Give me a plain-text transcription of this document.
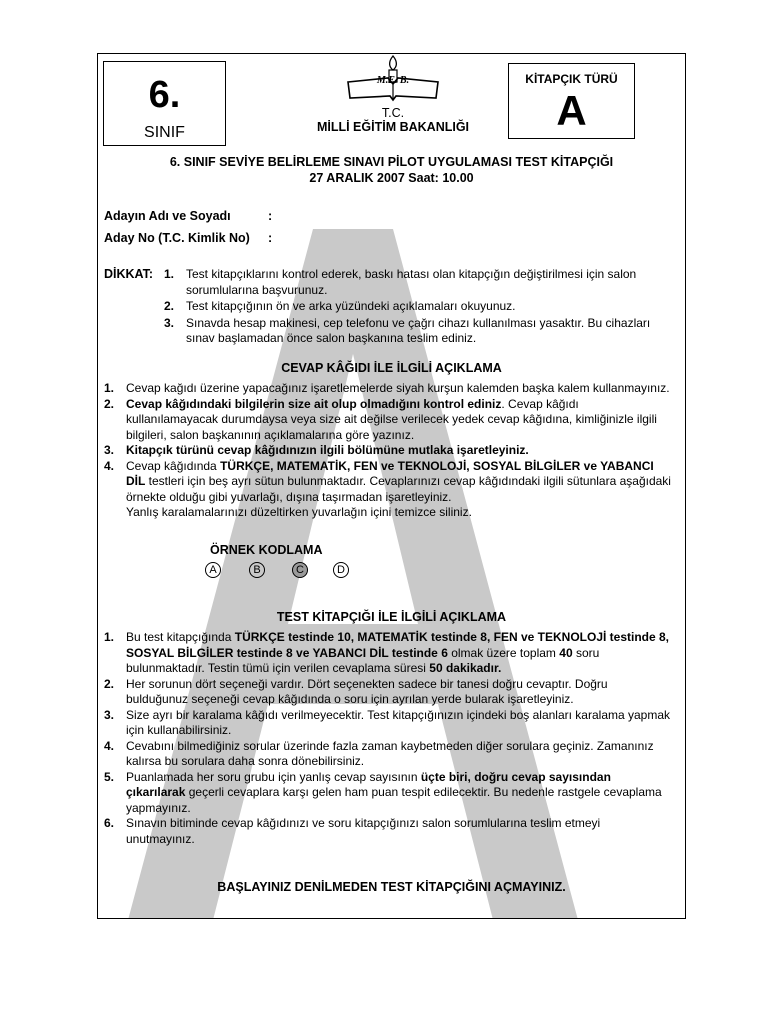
6.
SINIF
M.E. B.
T.C.
MİLLİ EĞİTİM BAKANLIĞI
KİTAPÇIK TÜRÜ
A
6. SINIF SEVİYE BELİRLEME SINAVI PİLOT UYGULAMASI TEST KİTAPÇIĞI
27 ARALIK 2007 Saat: 10.00
Adayın Adı ve Soyadı	:
Aday No (T.C. Kimlik No) :
DİKKAT: 1. Test kitapçıklarını kontrol ederek, baskı hatası olan kitapçığın değiştirilmesi için salon sorumlularına başvurunuz.
2. Test kitapçığının ön ve arka yüzündeki açıklamaları okuyunuz.
3. Sınavda hesap makinesi, cep telefonu ve çağrı cihazı kullanılması yasaktır. Bu cihazları sınav başlamadan önce salon başkanına teslim ediniz.
CEVAP KÂĞIDI İLE İLGİLİ AÇIKLAMA
1. Cevap kağıdı üzerine yapacağınız işaretlemelerde siyah kurşun kalemden başka kalem kullanmayınız.
2. Cevap kâğıdındaki bilgilerin size ait olup olmadığını kontrol ediniz. Cevap kâğıdı kullanılamayacak durumdaysa veya size ait değilse verilecek yedek cevap kâğıdına, kimliğinizle ilgili bilgileri, salon başkanının açıklamalarına göre yazınız.
3. Kitapçık türünü cevap kâğıdınızın ilgili bölümüne mutlaka işaretleyiniz.
4. Cevap kâğıdında TÜRKÇE, MATEMATİK, FEN ve TEKNOLOJİ, SOSYAL BİLGİLER ve YABANCI DİL testleri için beş ayrı sütun bulunmaktadır. Cevaplarınızı cevap kâğıdındaki ilgili sütunlara aşağıdaki örnekte olduğu gibi yuvarlağı, dışına taşırmadan işaretleyiniz.
Yanlış karalamalarınızı düzeltirken yuvarlağın içini temizce siliniz.
ÖRNEK KODLAMA
A	B	C	D
TEST KİTAPÇIĞI İLE İLGİLİ AÇIKLAMA
1. Bu test kitapçığında TÜRKÇE testinde 10, MATEMATİK testinde 8, FEN ve TEKNOLOJİ testinde 8, SOSYAL BİLGİLER testinde 8 ve YABANCI DİL testinde 6 olmak üzere toplam 40 soru bulunmaktadır. Testin tümü için verilen cevaplama süresi 50 dakikadır.
2. Her sorunun dört seçeneği vardır. Dört seçenekten sadece bir tanesi doğru cevaptır. Doğru bulduğunuz seçeneği cevap kâğıdında o soru için ayrılan yerde bularak işaretleyiniz.
3. Size ayrı bir karalama kâğıdı verilmeyecektir. Test kitapçığınızın içindeki boş alanları karalama yapmak için kullanabilirsiniz.
4. Cevabını bilmediğiniz sorular üzerinde fazla zaman kaybetmeden diğer sorulara geçiniz. Zamanınız kalırsa bu sorulara daha sonra dönebilirsiniz.
5. Puanlamada her soru grubu için yanlış cevap sayısının üçte biri, doğru cevap sayısından çıkarılarak geçerli cevaplara karşı gelen ham puan tespit edilecektir. Bu nedenle rastgele cevaplama yapmayınız.
6. Sınavın bitiminde cevap kâğıdınızı ve soru kitapçığınızı salon sorumlularına teslim etmeyi unutmayınız.
BAŞLAYINIZ DENİLMEDEN TEST KİTAPÇIĞINI AÇMAYINIZ.
